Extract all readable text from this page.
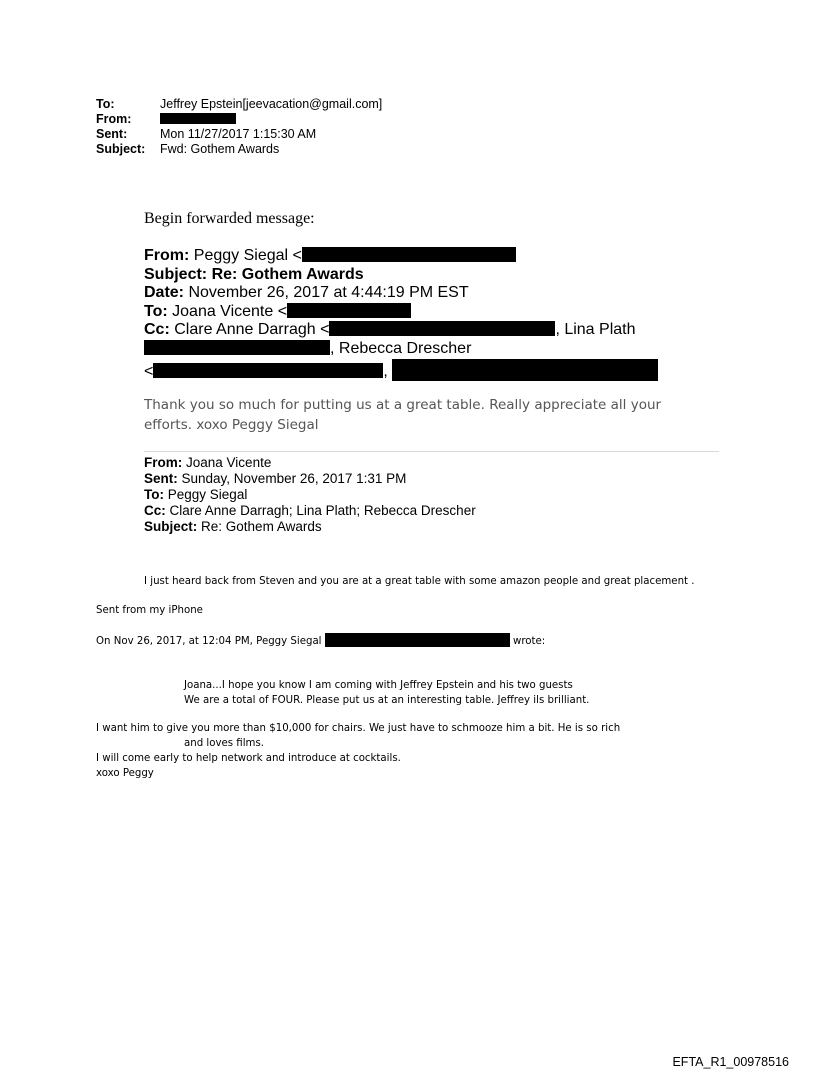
To:	Jeffrey Epstein[jeevacation@gmail.com]
From:
Sent:	Mon 11/27/2017 1:15:30 AM
Subject: Fwd: Gothem Awards
Begin forwarded message:
From: Peggy Siegal <
Subject: Re: Gothem Awards
Date: November 26, 2017 at 4:44:19 PM EST
To: Joana Vicente <
Cc: Clare Anne Darragh <	, Lina Plath
, Rebecca Drescher
<	,
Thank you so much for putting us at a great table. Really appreciate all your
efforts. xoxo Peggy Siegal
From: Joana Vicente
Sent: Sunday, November 26, 2017 1:31 PM
To: Peggy Siegal
Cc: Clare Anne Darragh; Lina Plath; Rebecca Drescher
Subject: Re: Gothem Awards
I just heard back from Steven and you are at a great table with some amazon people and great placement .
Sent from my iPhone
On Nov 26, 2017, at 12:04 PM, Peggy Siegal	wrote:
Joana...I hope you know I am coming with Jeffrey Epstein and his two guests
We are a total of FOUR. Please put us at an interesting table. Jeffrey ils brilliant.
I want him to give you more than $10,000 for chairs. We just have to schmooze him a bit. He is so rich
and loves films.
I will come early to help network and introduce at cocktails.
xoxo Peggy
EFTA_R1_00978516
